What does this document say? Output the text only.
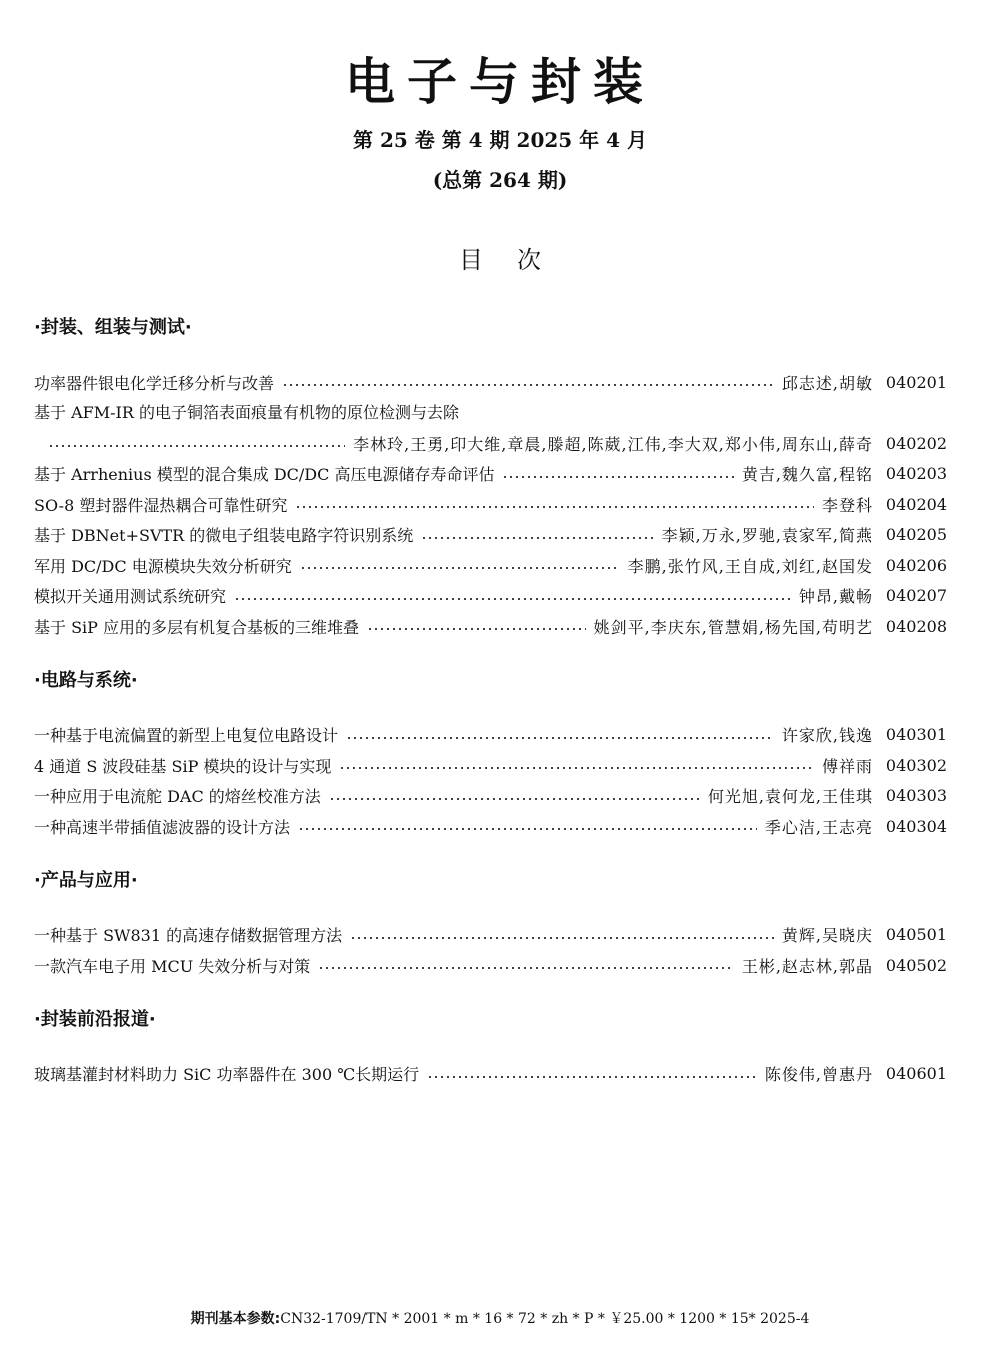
电子与封装
第 25 卷 第 4 期 2025 年 4 月
(总第 264 期)
目次
·封装、组装与测试·
功率器件银电化学迁移分析与改善	邱志述,胡敏 040201
基于 AFM-IR 的电子铜箔表面痕量有机物的原位检测与去除
李林玲,王勇,印大维,章晨,滕超,陈葳,江伟,李大双,郑小伟,周东山,薛奇 040202
基于 Arrhenius 模型的混合集成 DC/DC 高压电源储存寿命评估	黄吉,魏久富,程铭 040203
SO-8 塑封器件湿热耦合可靠性研究	李登科 040204
基于 DBNet+SVTR 的微电子组装电路字符识别系统	李颖,万永,罗驰,袁家军,简燕 040205
军用 DC/DC 电源模块失效分析研究	李鹏,张竹风,王自成,刘红,赵国发 040206
模拟开关通用测试系统研究	钟昂,戴畅 040207
基于 SiP 应用的多层有机复合基板的三维堆叠	姚剑平,李庆东,管慧娟,杨先国,苟明艺 040208
·电路与系统·
一种基于电流偏置的新型上电复位电路设计	许家欣,钱逸 040301
4 通道 S 波段硅基 SiP 模块的设计与实现	傅祥雨 040302
一种应用于电流舵 DAC 的熔丝校准方法	何光旭,袁何龙,王佳琪 040303
一种高速半带插值滤波器的设计方法	季心洁,王志亮 040304
·产品与应用·
一种基于 SW831 的高速存储数据管理方法	黄辉,吴晓庆 040501
一款汽车电子用 MCU 失效分析与对策	王彬,赵志林,郭晶 040502
·封装前沿报道·
玻璃基灌封材料助力 SiC 功率器件在 300 ℃长期运行	陈俊伟,曾惠丹 040601
期刊基本参数:CN32-1709/TN * 2001 * m * 16 * 72 * zh * P * ￥25.00 * 1200 * 15* 2025-4
